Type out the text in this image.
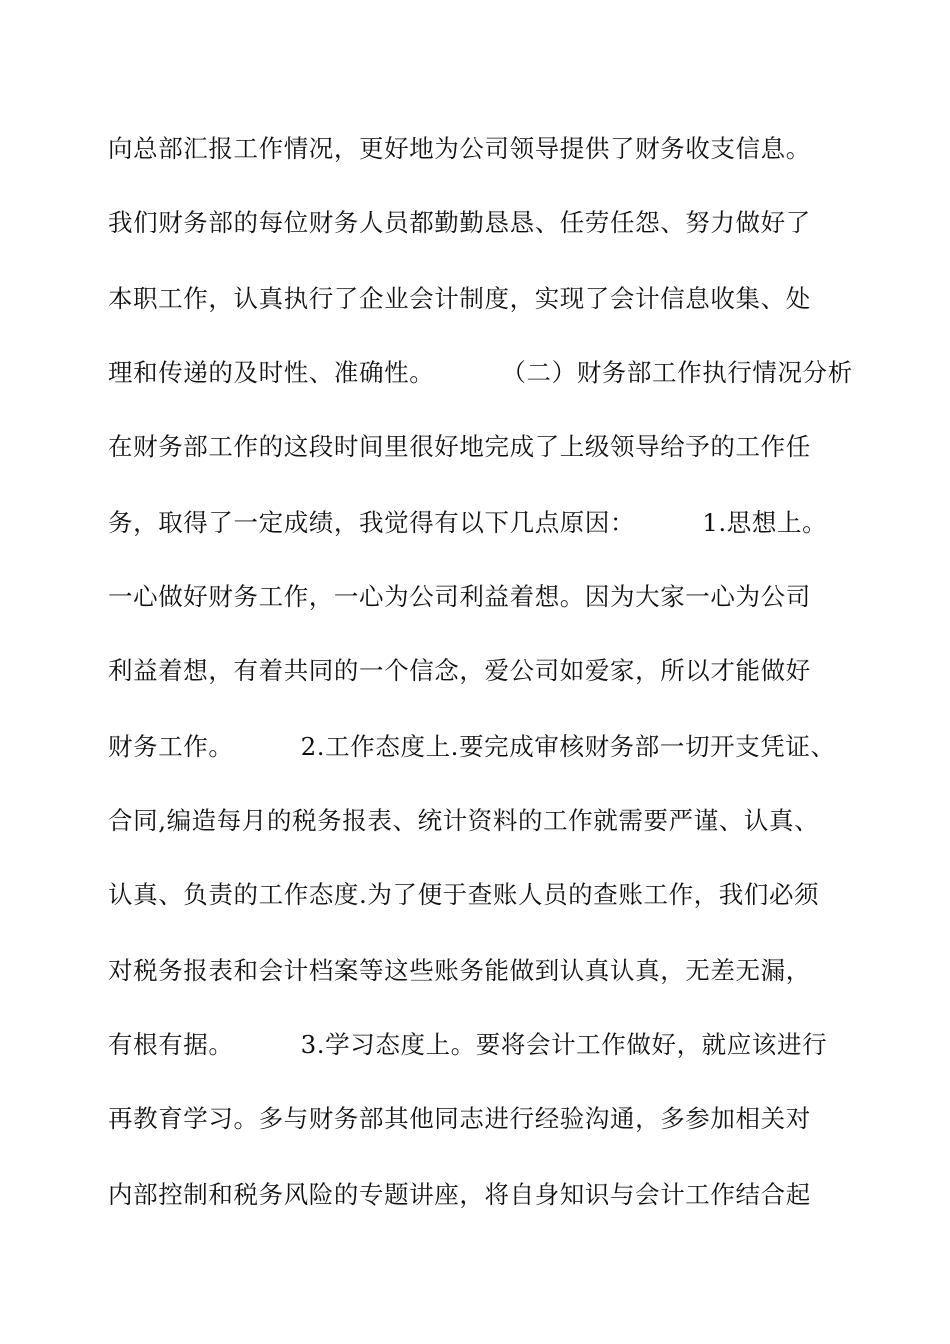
向总部汇报工作情况，更好地为公司领导提供了财务收支信息。
我们财务部的每位财务人员都勤勤恳恳、任劳任怨、努力做好了
本职工作，认真执行了企业会计制度，实现了会计信息收集、处
理和传递的及时性、准确性。        （二）财务部工作执行情况分析
在财务部工作的这段时间里很好地完成了上级领导给予的工作任
务，取得了一定成绩，我觉得有以下几点原因：        1.思想上。
一心做好财务工作，一心为公司利益着想。因为大家一心为公司
利益着想，有着共同的一个信念，爱公司如爱家，所以才能做好
财务工作。        2.工作态度上.要完成审核财务部一切开支凭证、
合同,编造每月的税务报表、统计资料的工作就需要严谨、认真、
认真、负责的工作态度.为了便于查账人员的查账工作，我们必须
对税务报表和会计档案等这些账务能做到认真认真，无差无漏，
有根有据。        3.学习态度上。要将会计工作做好，就应该进行
再教育学习。多与财务部其他同志进行经验沟通，多参加相关对
内部控制和税务风险的专题讲座，将自身知识与会计工作结合起
